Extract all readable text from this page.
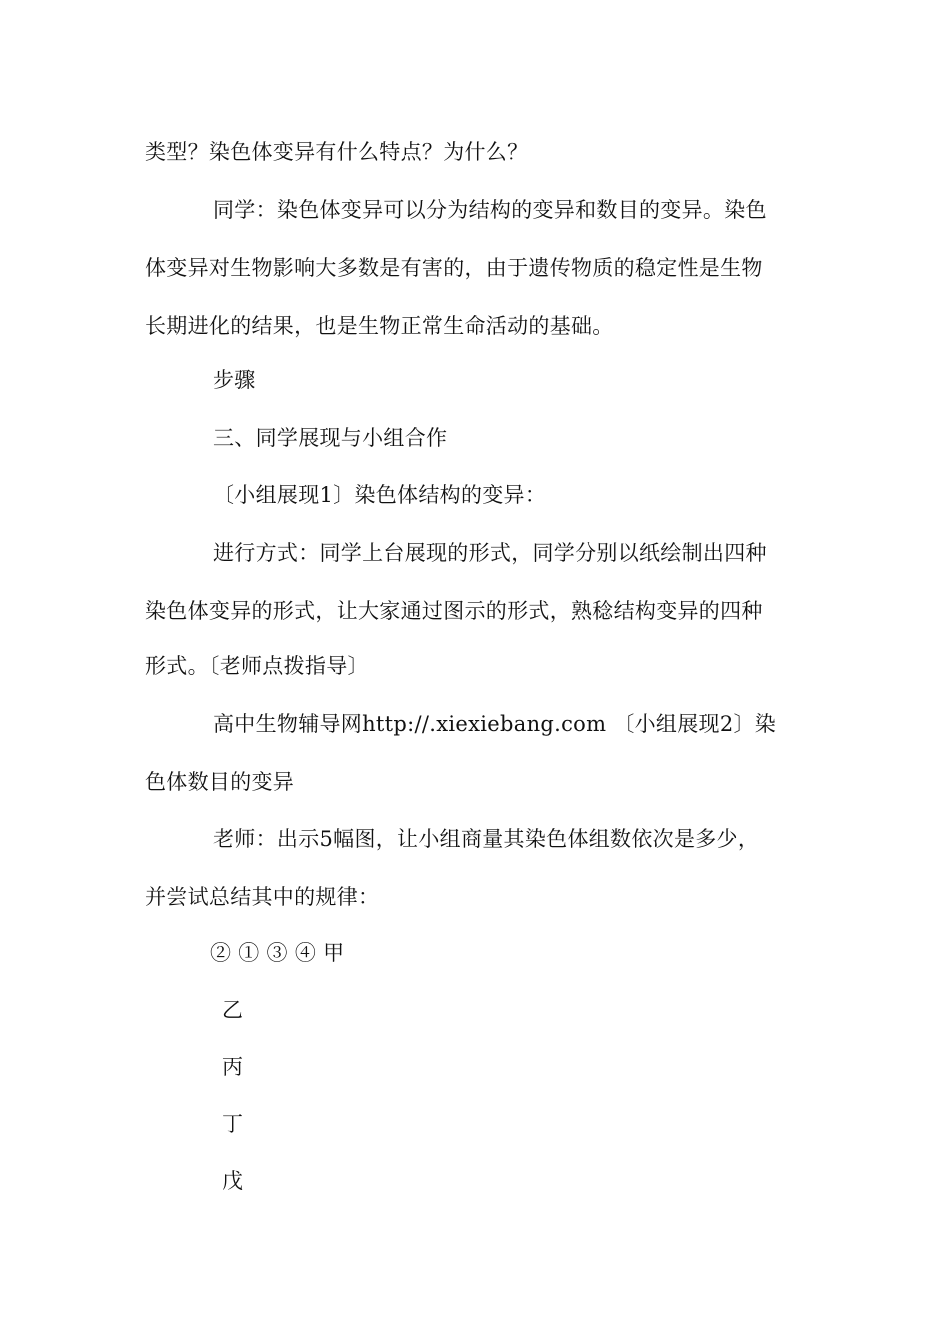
类型？染色体变异有什么特点？为什么？
同学：染色体变异可以分为结构的变异和数目的变异。染色
体变异对生物影响大多数是有害的，由于遗传物质的稳定性是生物
长期进化的结果，也是生物正常生命活动的基础。
步骤
三、同学展现与小组合作
〔小组展现1〕染色体结构的变异：
进行方式：同学上台展现的形式，同学分别以纸绘制出四种
染色体变异的形式，让大家通过图示的形式，熟稔结构变异的四种
形式。〔老师点拨指导〕
高中生物辅导网http://.xiexiebang.com 〔小组展现2〕染
色体数目的变异
老师：出示5幅图，让小组商量其染色体组数依次是多少，
并尝试总结其中的规律：
② ① ③ ④ 甲
乙
丙
丁
戊
